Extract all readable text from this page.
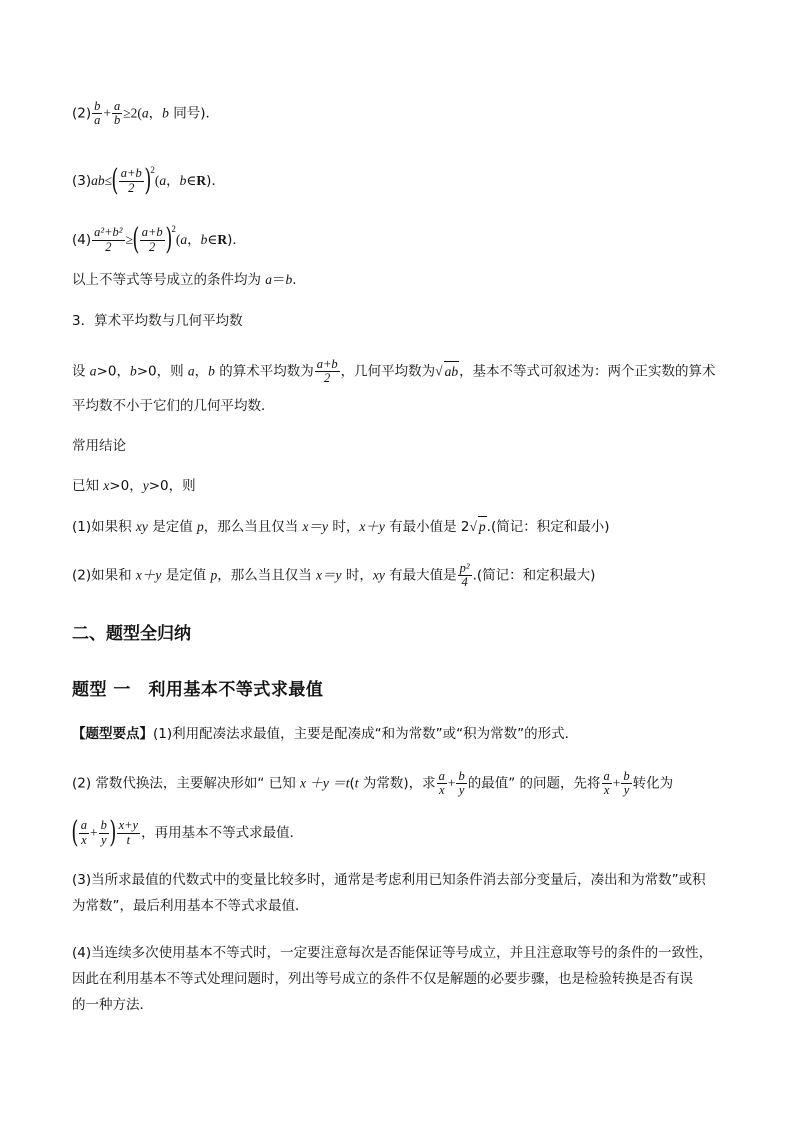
$(2) \frac{b}{a} + \frac{a}{b} \ge 2(a$，b 同号)．
$(3)ab\le( \frac{a+b}{2} )^2(a$，b∈R)．
$(4) \frac{\text{a²+b²}}{2}$ ≥( $\frac{a+b}{2} )^2(a$，b∈R)．
以上不等式等号成立的条件均为 a＝b.
3．算术平均数与几何平均数
设 a>0，b>0，则 a，b 的算术平均数为 $\frac{a+b}{2}$ ，几何平均数为√ ab，基本不等式可叙述为：两个正实数的算术
平均数不小于它们的几何平均数．
常用结论
已知 x>0，y>0，则
(1)如果积 xy 是定值 p，那么当且仅当 x＝y 时，x＋y 有最小值是 2√ p.(简记：积定和最小)
(2)如果和 x＋y 是定值 p，那么当且仅当 x＝y 时，xy 有最大值是 $\frac{\text{p²}}{4}$ .(简记：和定积最大)
二、题型全归纳
题型 一　利用基本不等式求最值
【题型要点】(1)利用配凑法求最值，主要是配凑成“和为常数”或“积为常数”的形式．
(2) 常数代换法，主要解决形如“ 已知 x ＋y ＝t(t 为常数)，求 $\frac{a}{x} + \frac{b}{y}$ 的最值” 的问题，先将 $\frac{a}{x} + \frac{b}{y}$ 转化为
( $\frac{a}{x} + \frac{b}{y}$ ) $\frac{x+y}{t}$ ，再用基本不等式求最值．
(3)当所求最值的代数式中的变量比较多时，通常是考虑利用已知条件消去部分变量后，凑出和为常数”或积
为常数”，最后利用基本不等式求最值．
(4)当连续多次使用基本不等式时，一定要注意每次是否能保证等号成立，并且注意取等号的条件的一致性，
因此在利用基本不等式处理问题时，列出等号成立的条件不仅是解题的必要步骤，也是检验转换是否有误
的一种方法．
